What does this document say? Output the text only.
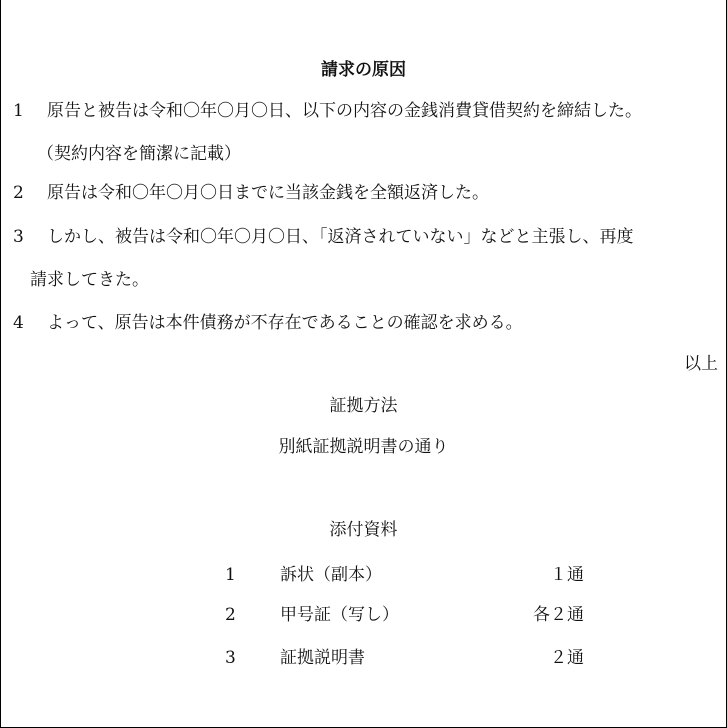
請求の原因
1 原告と被告は令和〇年〇月〇日、以下の内容の金銭消費貸借契約を締結した。
（契約内容を簡潔に記載）
2 原告は令和〇年〇月〇日までに当該金銭を全額返済した。
3 しかし、被告は令和〇年〇月〇日、「返済されていない」などと主張し、再度
請求してきた。
4 よって、原告は本件債務が不存在であることの確認を求める。
以上
証拠方法
別紙証拠説明書の通り
添付資料
1	訴状（副本）	１通
2	甲号証（写し）	各２通
3	証拠説明書	２通
